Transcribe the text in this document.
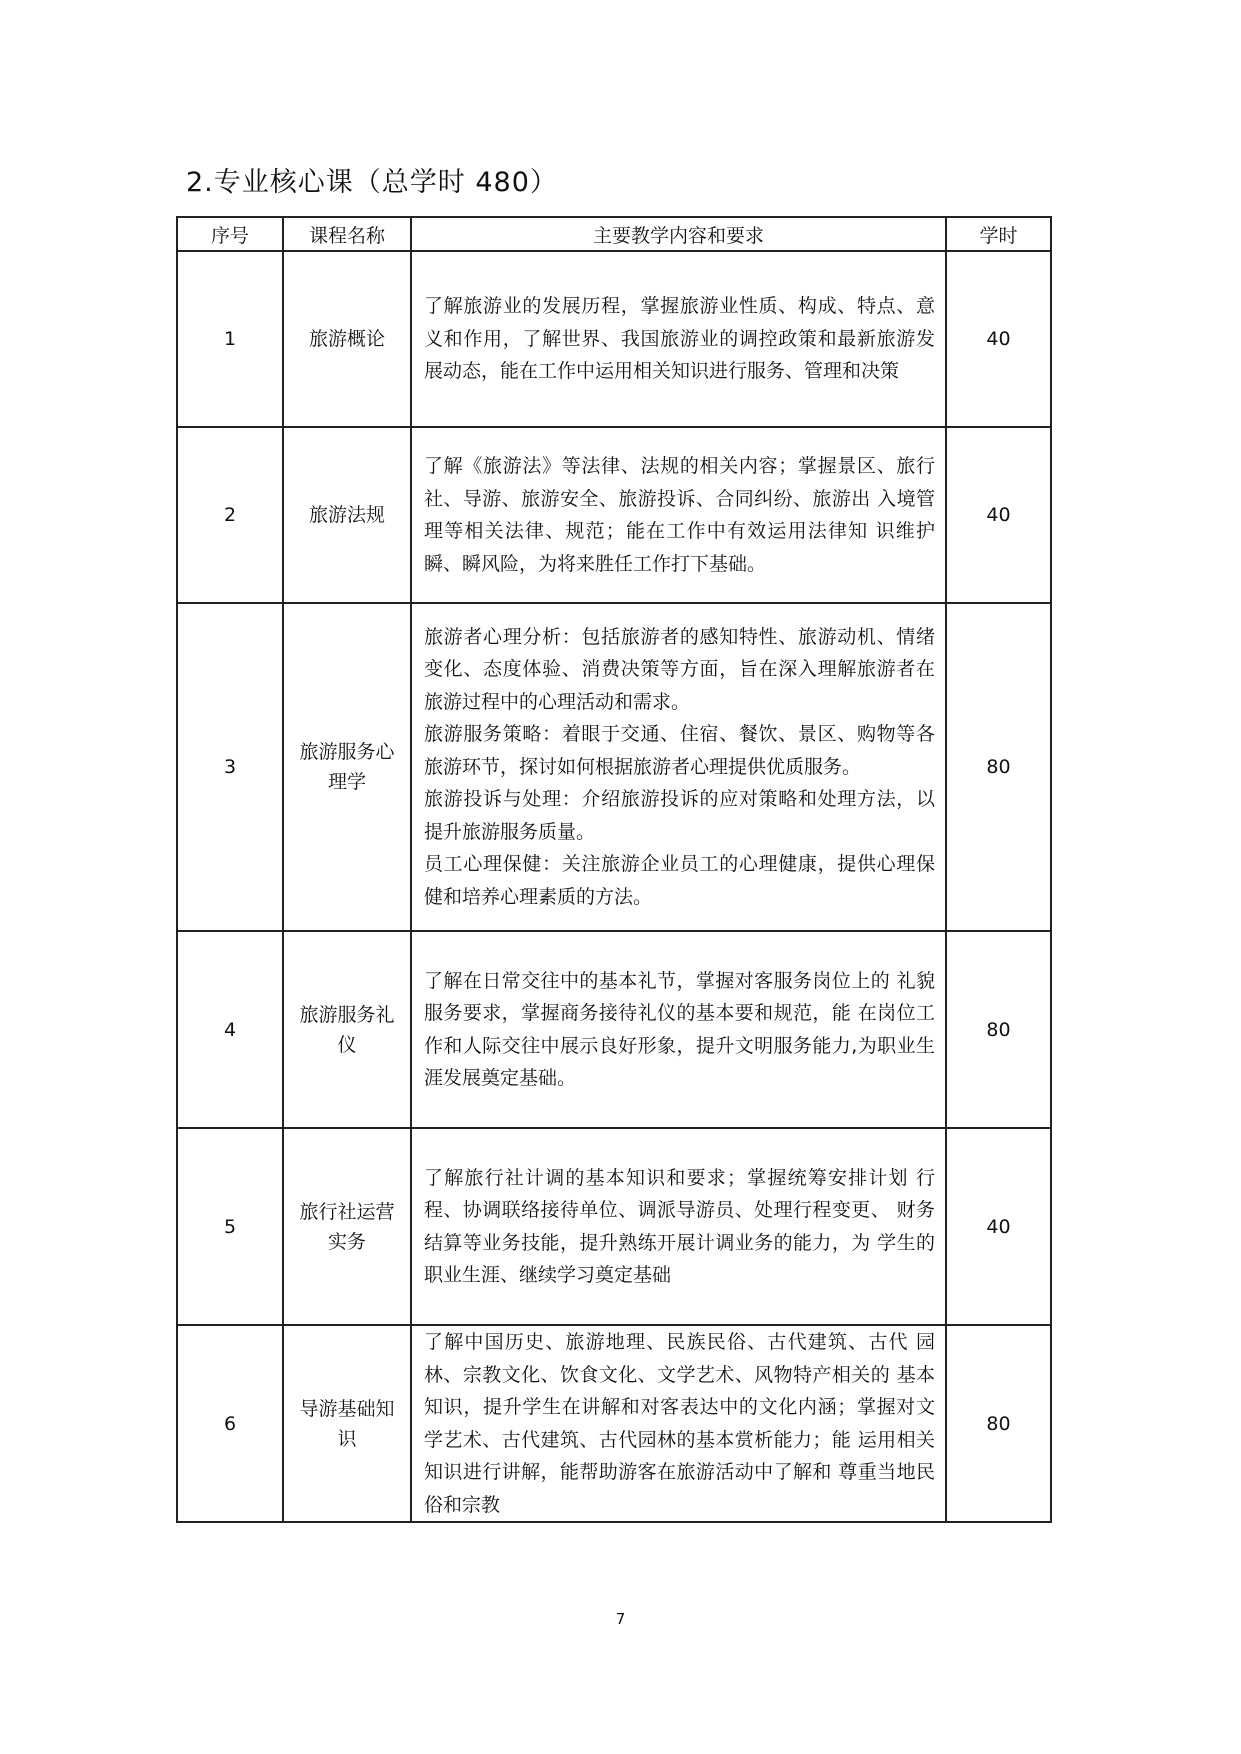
2.专业核心课（总学时 480）
序号	课程名称	主要教学内容和要求	学时
1	旅游概论	了解旅游业的发展历程，掌握旅游业性质、构成、特点、意义和作用，了解世界、我国旅游业的调控政策和最新旅游发展动态，能在工作中运用相关知识进行服务、管理和决策	40
2	旅游法规	了解《旅游法》等法律、法规的相关内容；掌握景区、旅行社、导游、旅游安全、旅游投诉、合同纠纷、旅游出 入境管理等相关法律、规范；能在工作中有效运用法律知 识维护瞬、瞬风险，为将来胜任工作打下基础。	40
3	旅游服务心理学	旅游者心理分析：包括旅游者的感知特性、旅游动机、情绪变化、态度体验、消费决策等方面，旨在深入理解旅游者在旅游过程中的心理活动和需求。

旅游服务策略：着眼于交通、住宿、餐饮、景区、购物等各旅游环节，探讨如何根据旅游者心理提供优质服务。

旅游投诉与处理：介绍旅游投诉的应对策略和处理方法，以提升旅游服务质量。

员工心理保健：关注旅游企业员工的心理健康，提供心理保健和培养心理素质的方法。	80
4	旅游服务礼仪	了解在日常交往中的基本礼节，掌握对客服务岗位上的 礼貌服务要求，掌握商务接待礼仪的基本要和规范，能 在岗位工作和人际交往中展示良好形象，提升文明服务能力,为职业生涯发展奠定基础。	80
5	旅行社运营实务	了解旅行社计调的基本知识和要求；掌握统筹安排计划 行程、协调联络接待单位、调派导游员、处理行程变更、 财务结算等业务技能，提升熟练开展计调业务的能力，为 学生的职业生涯、继续学习奠定基础	40
6	导游基础知识	了解中国历史、旅游地理、民族民俗、古代建筑、古代 园林、宗教文化、饮食文化、文学艺术、风物特产相关的 基本知识，提升学生在讲解和对客表达中的文化内涵；掌握对文学艺术、古代建筑、古代园林的基本赏析能力；能 运用相关知识进行讲解，能帮助游客在旅游活动中了解和 尊重当地民俗和宗教	80
7
